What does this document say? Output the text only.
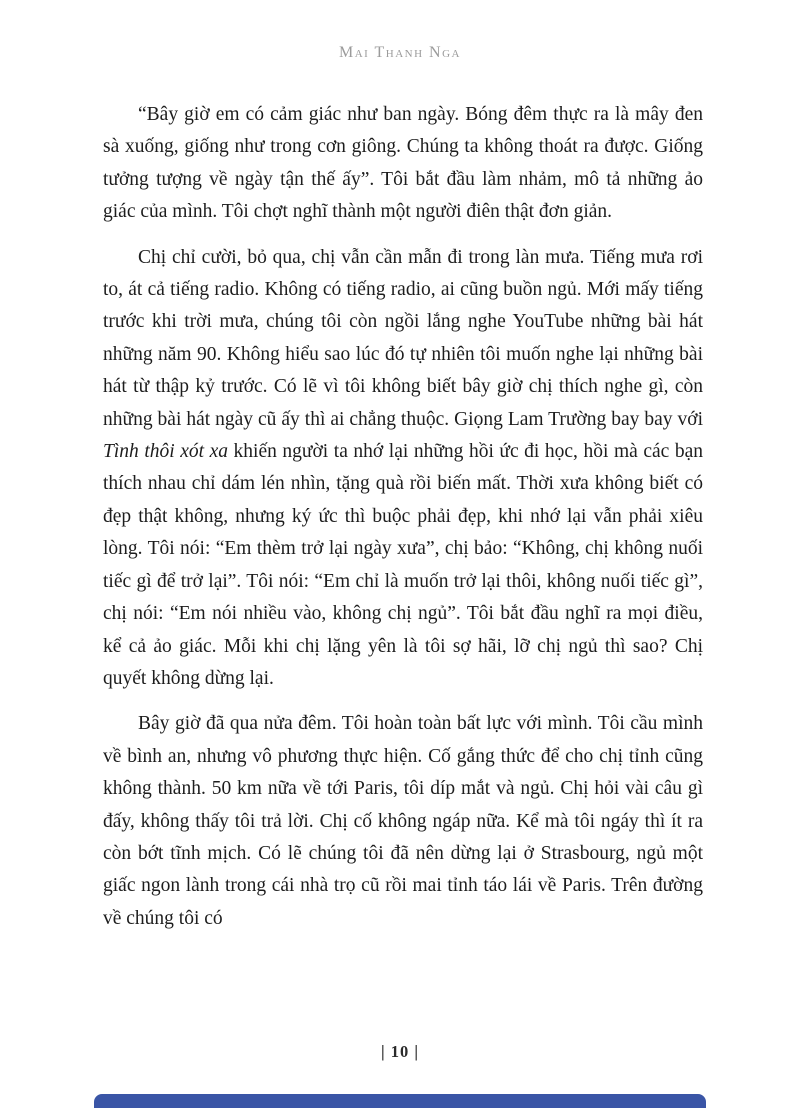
Mai Thanh Nga

“Bây giờ em có cảm giác như ban ngày. Bóng đêm thực ra là mây đen sà xuống, giống như trong cơn giông. Chúng ta không thoát ra được. Giống tưởng tượng về ngày tận thế ấy”. Tôi bắt đầu làm nhảm, mô tả những ảo giác của mình. Tôi chợt nghĩ thành một người điên thật đơn giản.

Chị chỉ cười, bỏ qua, chị vẫn cần mẫn đi trong làn mưa. Tiếng mưa rơi to, át cả tiếng radio. Không có tiếng radio, ai cũng buồn ngủ. Mới mấy tiếng trước khi trời mưa, chúng tôi còn ngồi lắng nghe YouTube những bài hát những năm 90. Không hiểu sao lúc đó tự nhiên tôi muốn nghe lại những bài hát từ thập kỷ trước. Có lẽ vì tôi không biết bây giờ chị thích nghe gì, còn những bài hát ngày cũ ấy thì ai chẳng thuộc. Giọng Lam Trường bay bay với Tình thôi xót xa khiến người ta nhớ lại những hồi ức đi học, hồi mà các bạn thích nhau chỉ dám lén nhìn, tặng quà rồi biến mất. Thời xưa không biết có đẹp thật không, nhưng ký ức thì buộc phải đẹp, khi nhớ lại vẫn phải xiêu lòng. Tôi nói: “Em thèm trở lại ngày xưa”, chị bảo: “Không, chị không nuối tiếc gì để trở lại”. Tôi nói: “Em chỉ là muốn trở lại thôi, không nuối tiếc gì”, chị nói: “Em nói nhiều vào, không chị ngủ”. Tôi bắt đầu nghĩ ra mọi điều, kể cả ảo giác. Mỗi khi chị lặng yên là tôi sợ hãi, lỡ chị ngủ thì sao? Chị quyết không dừng lại.

Bây giờ đã qua nửa đêm. Tôi hoàn toàn bất lực với mình. Tôi cầu mình về bình an, nhưng vô phương thực hiện. Cố gắng thức để cho chị tỉnh cũng không thành. 50 km nữa về tới Paris, tôi díp mắt và ngủ. Chị hỏi vài câu gì đấy, không thấy tôi trả lời. Chị cố không ngáp nữa. Kể mà tôi ngáy thì ít ra còn bớt tĩnh mịch. Có lẽ chúng tôi đã nên dừng lại ở Strasbourg, ngủ một giấc ngon lành trong cái nhà trọ cũ rồi mai tỉnh táo lái về Paris. Trên đường về chúng tôi có

| 10 |
